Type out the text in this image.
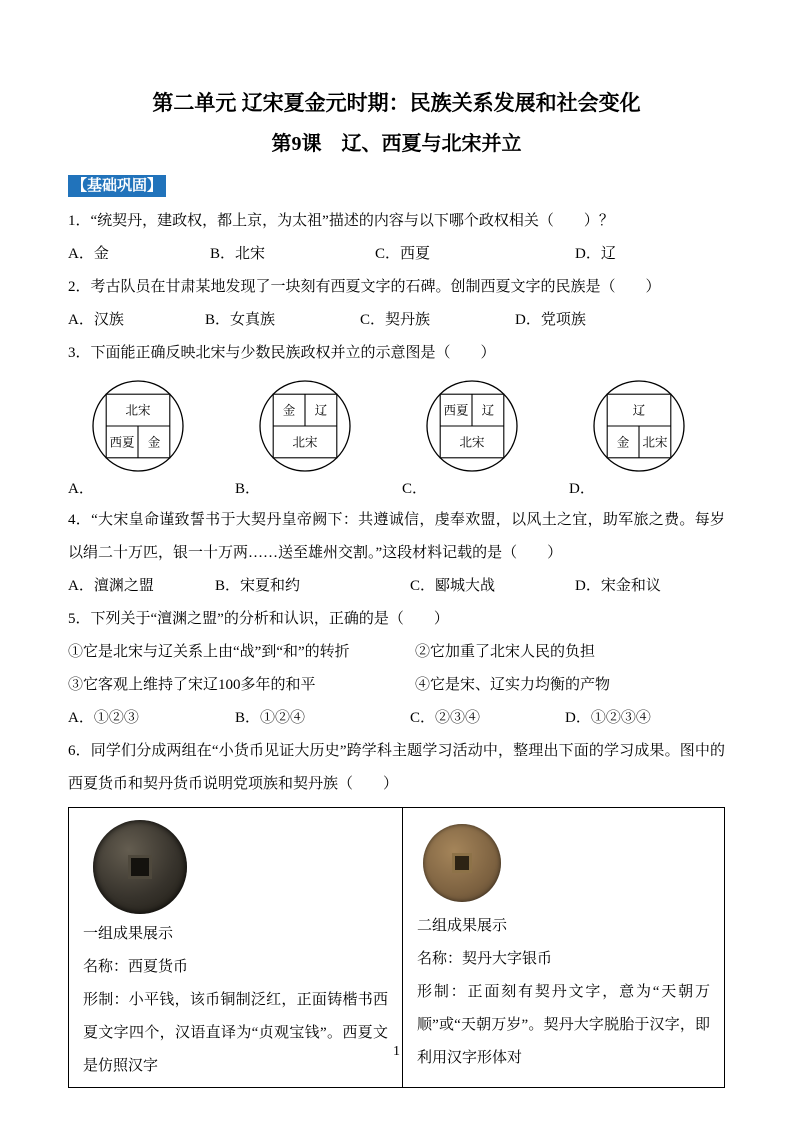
第二单元 辽宋夏金元时期：民族关系发展和社会变化
第9课　辽、西夏与北宋并立
【基础巩固】

1．“统契丹，建政权，都上京，为太祖”描述的内容与以下哪个政权相关（　　）？

A．金	B．北宋	C．西夏	D．辽

2．考古队员在甘肃某地发现了一块刻有西夏文字的石碑。创制西夏文字的民族是（　　）

A．汉族	B．女真族	C．契丹族	D．党项族

3．下面能正确反映北宋与少数民族政权并立的示意图是（　　）

北宋
西夏 金
A．
金 辽
北宋
B．
西夏 辽
北宋
C．
辽
金 北宋
D．

4．“大宋皇命谨致誓书于大契丹皇帝阙下：共遵诚信，虔奉欢盟，以风土之宜，助军旅之费。每岁以绢二十万匹，银一十万两……送至雄州交割。”这段材料记载的是（　　）

A．澶渊之盟	B．宋夏和约	C．郾城大战	D．宋金和议

5．下列关于“澶渊之盟”的分析和认识，正确的是（　　）

①它是北宋与辽关系上由“战”到“和”的转折	②它加重了北宋人民的负担
③它客观上维持了宋辽100多年的和平	④它是宋、辽实力均衡的产物
A．①②③	B．①②④	C．②③④	D．①②③④

6．同学们分成两组在“小货币见证大历史”跨学科主题学习活动中，整理出下面的学习成果。图中的西夏货币和契丹货币说明党项族和契丹族（　　）

一组成果展示

名称：西夏货币

形制：小平钱，该币铜制泛红，正面铸楷书西夏文字四个，汉语直译为“贞观宝钱”。西夏文是仿照汉字

二组成果展示

名称：契丹大字银币

形制：正面刻有契丹文字，意为“天朝万顺”或“天朝万岁”。契丹大字脱胎于汉字，即利用汉字形体对

1
